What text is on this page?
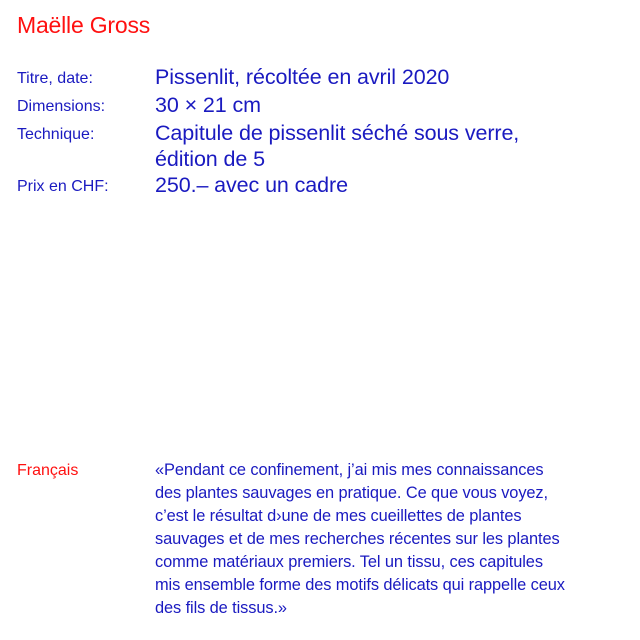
Maëlle Gross
Titre, date:	Pissenlit, récoltée en avril 2020
Dimensions:	30 × 21 cm
Technique:	Capitule de pissenlit séché sous verre,
édition de 5
Prix en CHF:	250.– avec un cadre
Français	«Pendant ce confinement, j’ai mis mes connaissances
des plantes sauvages en pratique. Ce que vous voyez,
c’est le résultat d›une de mes cueillettes de plantes
sauvages et de mes recherches récentes sur les plantes
comme matériaux premiers. Tel un tissu, ces capitules
mis ensemble forme des motifs délicats qui rappelle ceux
des fils de tissus.»
